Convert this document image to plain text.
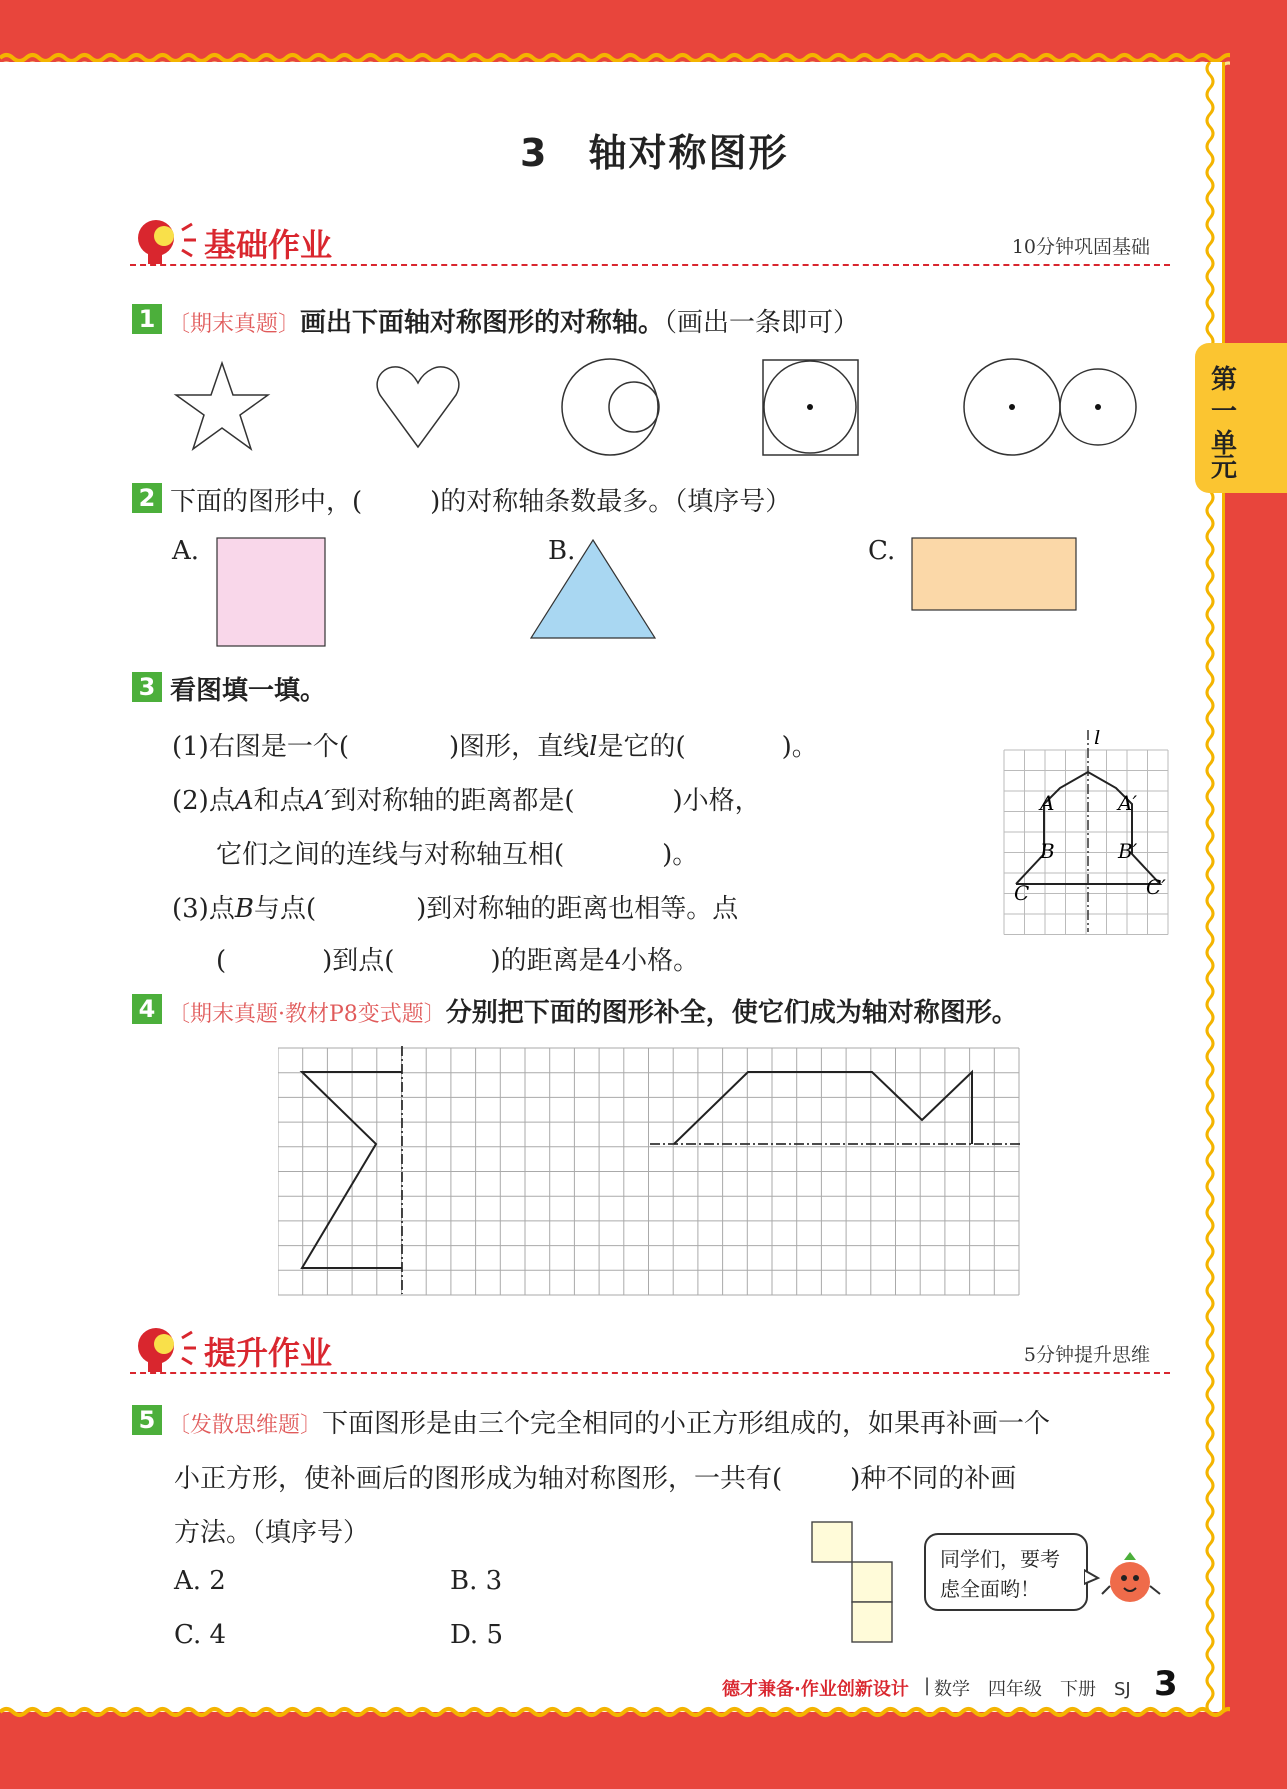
第
一
单
元
3　轴对称图形
基础作业	10分钟巩固基础
1 〔期末真题〕画出下面轴对称图形的对称轴。（画出一条即可）
2 下面的图形中，(	)的对称轴条数最多。（填序号）
A.	B.	C.
3 看图填一填。
(1)右图是一个(	)图形，直线l是它的(	)。
(2)点A和点A′到对称轴的距离都是(	)小格，
它们之间的连线与对称轴互相(	)。
(3)点B与点(	)到对称轴的距离也相等。点
(	)到点(	)的距离是4小格。
l
A	A′
B	B′
C	C′
4 〔期末真题·教材P8变式题〕分别把下面的图形补全，使它们成为轴对称图形。
提升作业	5分钟提升思维
5 〔发散思维题〕下面图形是由三个完全相同的小正方形组成的，如果再补画一个
小正方形，使补画后的图形成为轴对称图形，一共有(	)种不同的补画
方法。（填序号）
A. 2	B. 3
C. 4	D. 5
同学们，要考
虑全面哟！
德才兼备·作业创新设计 | 数学　四年级　下册　SJ 3
